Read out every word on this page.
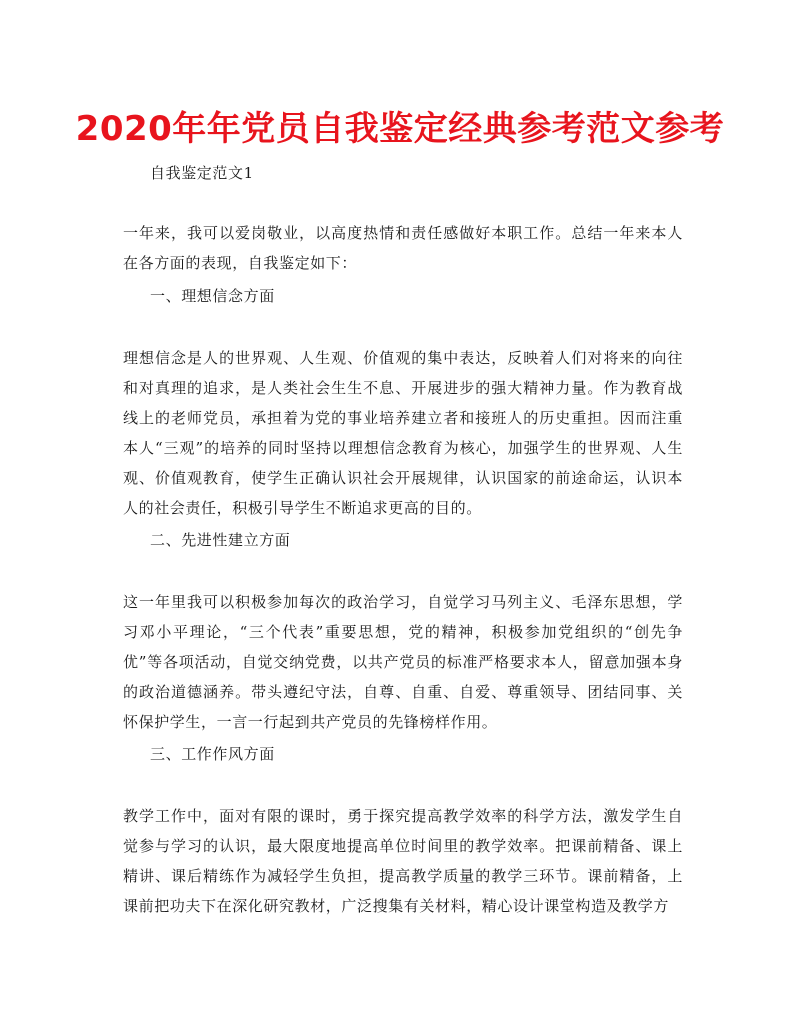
2020年年党员自我鉴定经典参考范文参考
自我鉴定范文1
一年来，我可以爱岗敬业，以高度热情和责任感做好本职工作。总结一年来本人在各方面的表现，自我鉴定如下：
一、理想信念方面
理想信念是人的世界观、人生观、价值观的集中表达，反映着人们对将来的向往和对真理的追求，是人类社会生生不息、开展进步的强大精神力量。作为教育战线上的老师党员，承担着为党的事业培养建立者和接班人的历史重担。因而注重本人“三观”的培养的同时坚持以理想信念教育为核心，加强学生的世界观、人生观、价值观教育，使学生正确认识社会开展规律，认识国家的前途命运，认识本人的社会责任，积极引导学生不断追求更高的目的。
二、先进性建立方面
这一年里我可以积极参加每次的政治学习，自觉学习马列主义、毛泽东思想，学习邓小平理论，“三个代表”重要思想，党的精神，积极参加党组织的“创先争优”等各项活动，自觉交纳党费，以共产党员的标准严格要求本人，留意加强本身的政治道德涵养。带头遵纪守法，自尊、自重、自爱、尊重领导、团结同事、关怀保护学生，一言一行起到共产党员的先锋榜样作用。
三、工作作风方面
教学工作中，面对有限的课时，勇于探究提高教学效率的科学方法，激发学生自觉参与学习的认识，最大限度地提高单位时间里的教学效率。把课前精备、课上精讲、课后精练作为减轻学生负担，提高教学质量的教学三环节。课前精备，上课前把功夫下在深化研究教材，广泛搜集有关材料，精心设计课堂构造及教学方
